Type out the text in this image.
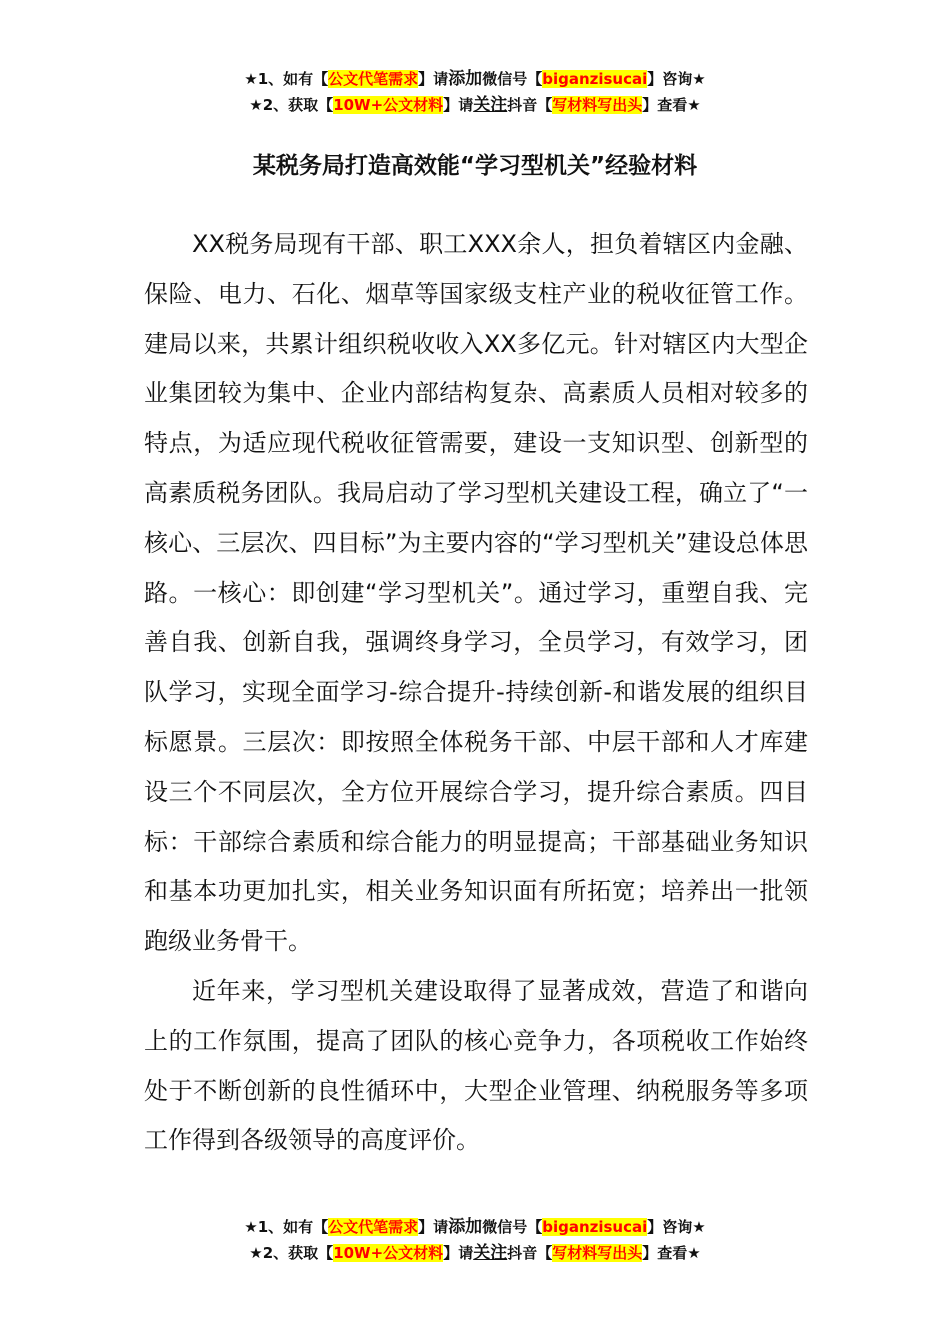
★1、如有【公文代笔需求】请添加微信号【biganzisucai】咨询★
★2、获取【10W+公文材料】请关注抖音【写材料写出头】查看★
某税务局打造高效能“学习型机关”经验材料

XX税务局现有干部、职工XXX余人，担负着辖区内金融、保险、电力、石化、烟草等国家级支柱产业的税收征管工作。建局以来，共累计组织税收收入XX多亿元。针对辖区内大型企业集团较为集中、企业内部结构复杂、高素质人员相对较多的特点，为适应现代税收征管需要，建设一支知识型、创新型的高素质税务团队。我局启动了学习型机关建设工程，确立了“一核心、三层次、四目标”为主要内容的“学习型机关”建设总体思路。一核心：即创建“学习型机关”。通过学习，重塑自我、完善自我、创新自我，强调终身学习，全员学习，有效学习，团队学习，实现全面学习-综合提升-持续创新-和谐发展的组织目标愿景。三层次：即按照全体税务干部、中层干部和人才库建设三个不同层次，全方位开展综合学习，提升综合素质。四目标：干部综合素质和综合能力的明显提高；干部基础业务知识和基本功更加扎实，相关业务知识面有所拓宽；培养出一批领跑级业务骨干。

近年来，学习型机关建设取得了显著成效，营造了和谐向上的工作氛围，提高了团队的核心竞争力，各项税收工作始终处于不断创新的良性循环中，大型企业管理、纳税服务等多项工作得到各级领导的高度评价。

★1、如有【公文代笔需求】请添加微信号【biganzisucai】咨询★
★2、获取【10W+公文材料】请关注抖音【写材料写出头】查看★
